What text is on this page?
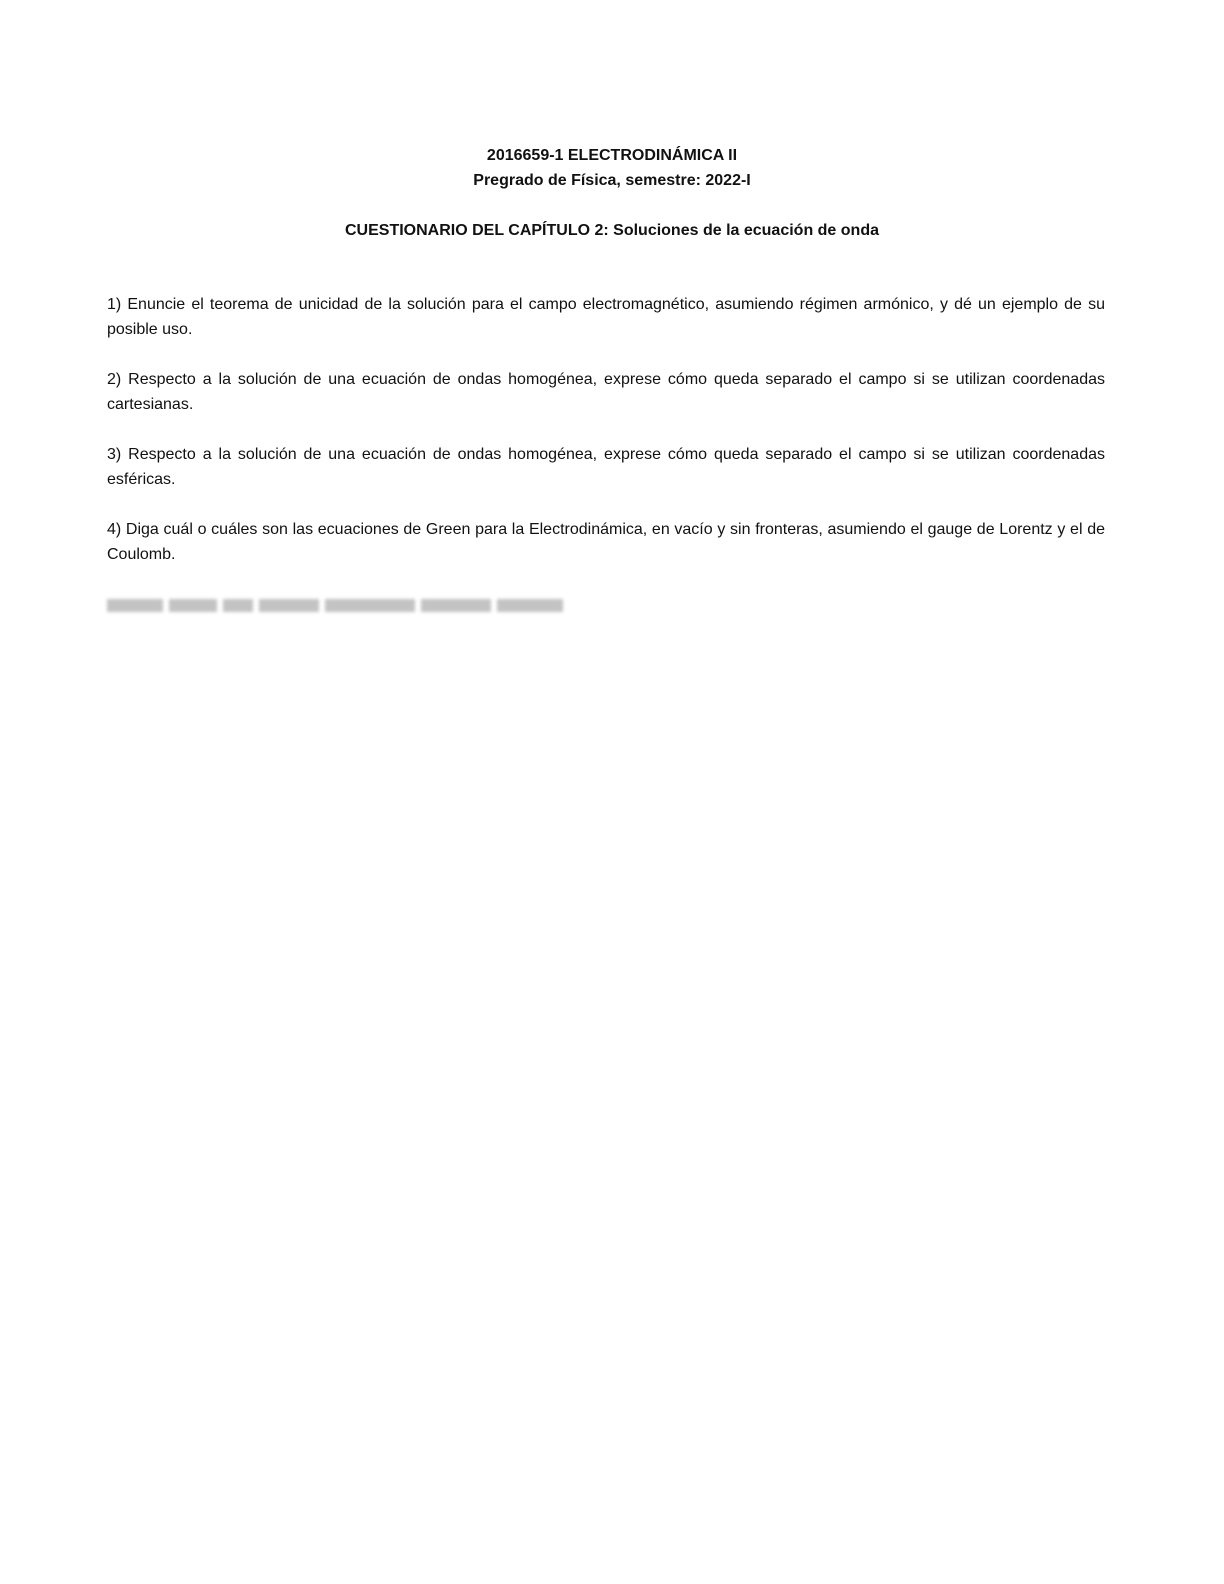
2016659-1 ELECTRODINÁMICA II
Pregrado de Física, semestre: 2022-I
CUESTIONARIO DEL CAPÍTULO 2: Soluciones de la ecuación de onda

1) Enuncie el teorema de unicidad de la solución para el campo electromagnético, asumiendo régimen armónico, y dé un ejemplo de su posible uso.

2) Respecto a la solución de una ecuación de ondas homogénea, exprese cómo queda separado el campo si se utilizan coordenadas cartesianas.

3) Respecto a la solución de una ecuación de ondas homogénea, exprese cómo queda separado el campo si se utilizan coordenadas esféricas.

4) Diga cuál o cuáles son las ecuaciones de Green para la Electrodinámica, en vacío y sin fronteras, asumiendo el gauge de Lorentz y el de Coulomb.
